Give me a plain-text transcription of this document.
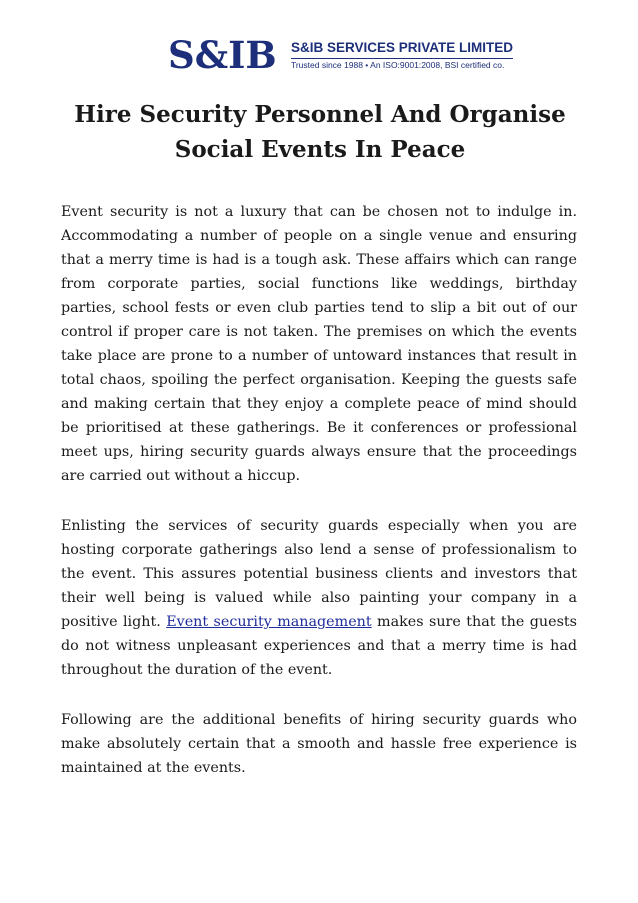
S&IB	S&IB SERVICES PRIVATE LIMITED
Trusted since 1988 • An ISO:9001:2008, BSI certified co.
Hire Security Personnel And Organise Social Events In Peace

Event security is not a luxury that can be chosen not to indulge in. Accommodating a number of people on a single venue and ensuring that a merry time is had is a tough ask. These affairs which can range from corporate parties, social functions like weddings, birthday parties, school fests or even club parties tend to slip a bit out of our control if proper care is not taken. The premises on which the events take place are prone to a number of untoward instances that result in total chaos, spoiling the perfect organisation. Keeping the guests safe and making certain that they enjoy a complete peace of mind should be prioritised at these gatherings. Be it conferences or professional meet ups, hiring security guards always ensure that the proceedings are carried out without a hiccup.

Enlisting the services of security guards especially when you are hosting corporate gatherings also lend a sense of professionalism to the event. This assures potential business clients and investors that their well being is valued while also painting your company in a positive light. Event security management makes sure that the guests do not witness unpleasant experiences and that a merry time is had throughout the duration of the event.

Following are the additional benefits of hiring security guards who make absolutely certain that a smooth and hassle free experience is maintained at the events.
